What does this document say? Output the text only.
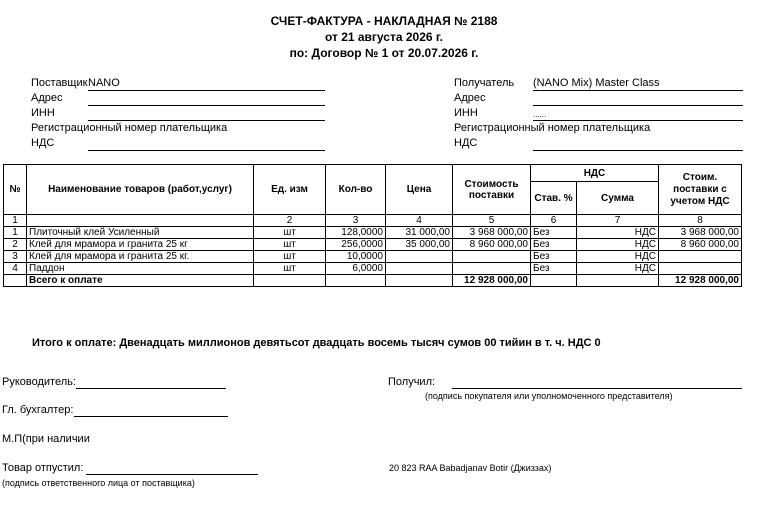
СЧЕТ-ФАКТУРА - НАКЛАДНАЯ № 2188
от 21 августа 2026 г.
по: Договор № 1 от 20.07.2026 г.
Поставщик NANO
Адрес
ИНН
Регистрационный номер плательщика
НДС
Получатель (NANO Mix) Master Class
Адрес
ИНН	......
Регистрационный номер плательщика
НДС
№	Наименование товаров (работ,услуг)	Ед. изм	Кол-во	Цена	Стоимость поставки	НДС		Стоим. поставки с учетом НДС
						Став. %	Сумма	
1		2	3	4	5	6	7	8
1	Плиточный клей Усиленный	шт	128,0000	31 000,00	3 968 000,00	Без	НДС	3 968 000,00
2	Клей для мрамора и гранита 25 кг	шт	256,0000	35 000,00	8 960 000,00	Без	НДС	8 960 000,00
3	Клей для мрамора и гранита 25 кг.	шт	10,0000			Без	НДС	
4	Паддон	шт	6,0000			Без	НДС	
	Всего к оплате				12 928 000,00			12 928 000,00
Итого к оплате: Двенадцать миллионов девятьсот двадцать восемь тысяч сумов 00 тийин в т. ч. НДС 0
Руководитель:
Гл. бухгалтер:
М.П(при наличии
Товар отпустил:
(подпись ответственного лица от поставщика)
Получил:
(подпись покупателя или уполномоченного представителя)
20 823 RAA Babadjanav Botir (Джиззах)
